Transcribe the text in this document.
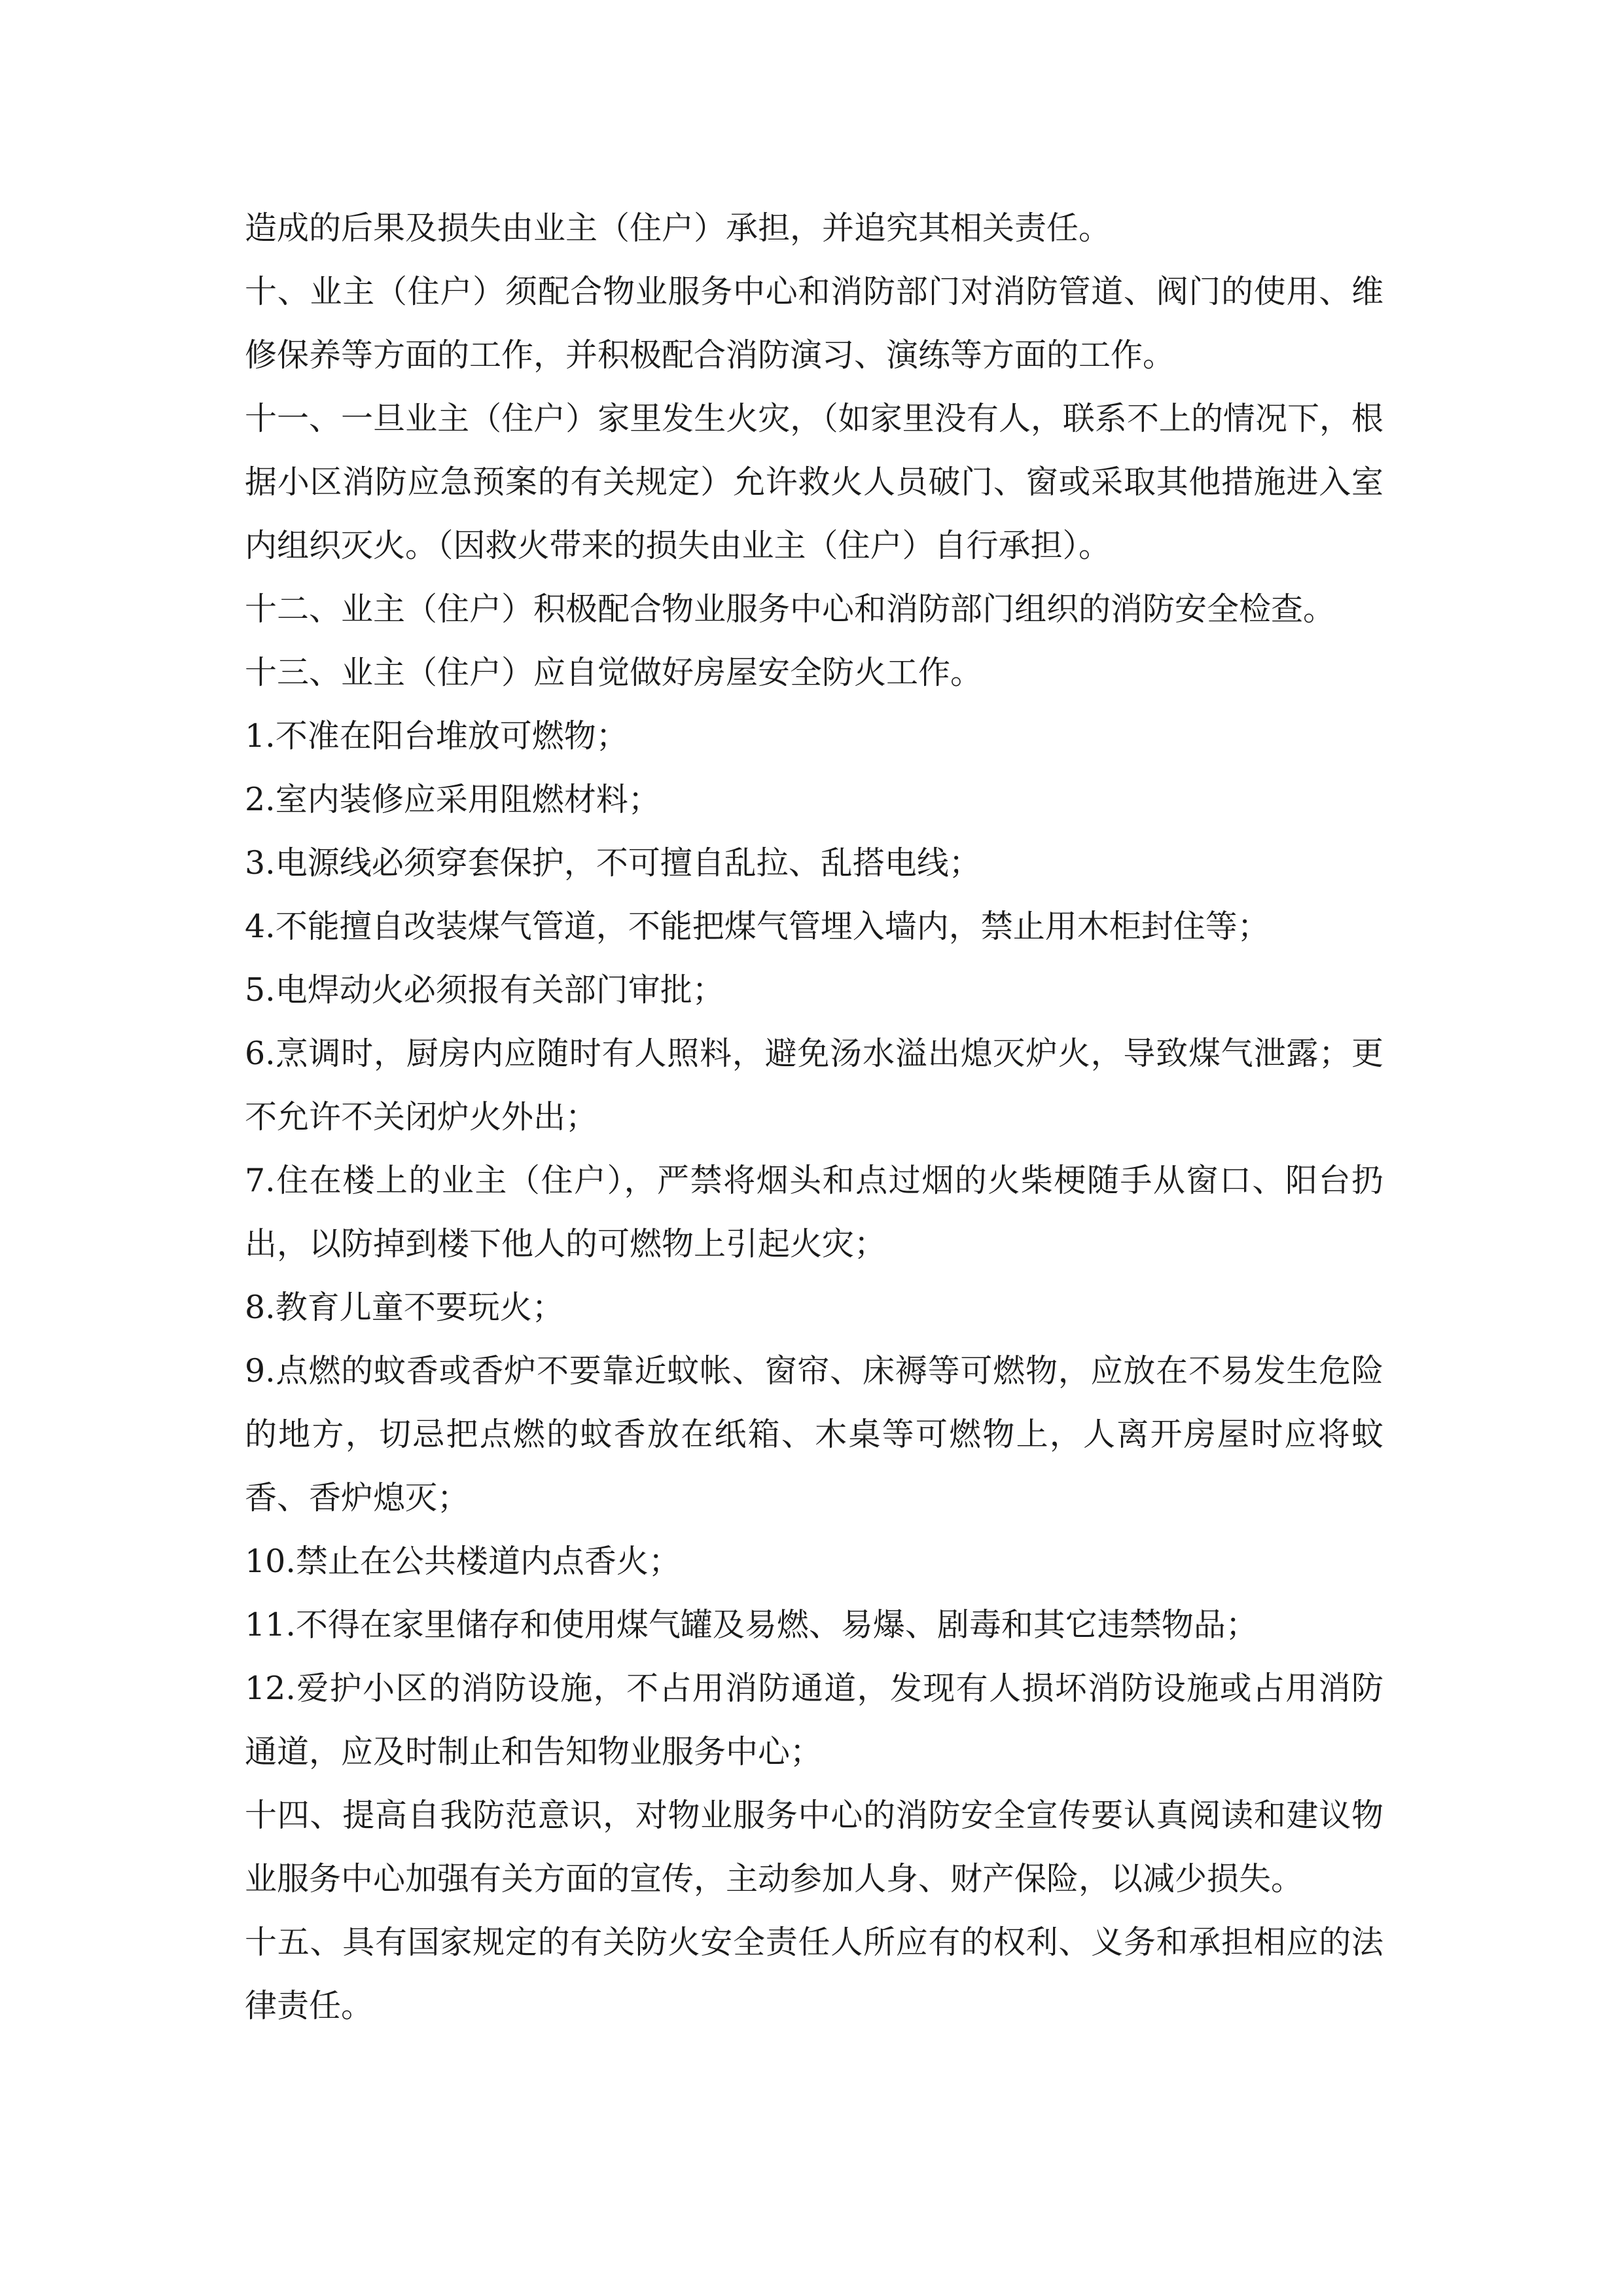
造成的后果及损失由业主（住户）承担，并追究其相关责任。

十、业主（住户）须配合物业服务中心和消防部门对消防管道、阀门的使用、维修保养等方面的工作，并积极配合消防演习、演练等方面的工作。

十一、一旦业主（住户）家里发生火灾，（如家里没有人，联系不上的情况下，根据小区消防应急预案的有关规定）允许救火人员破门、窗或采取其他措施进入室内组织灭火。（因救火带来的损失由业主（住户）自行承担）。

十二、业主（住户）积极配合物业服务中心和消防部门组织的消防安全检查。

十三、业主（住户）应自觉做好房屋安全防火工作。

1.不准在阳台堆放可燃物；

2.室内装修应采用阻燃材料；

3.电源线必须穿套保护，不可擅自乱拉、乱搭电线；

4.不能擅自改装煤气管道，不能把煤气管埋入墙内，禁止用木柜封住等；

5.电焊动火必须报有关部门审批；

6.烹调时，厨房内应随时有人照料，避免汤水溢出熄灭炉火，导致煤气泄露；更不允许不关闭炉火外出；

7.住在楼上的业主（住户），严禁将烟头和点过烟的火柴梗随手从窗口、阳台扔出，以防掉到楼下他人的可燃物上引起火灾；

8.教育儿童不要玩火；

9.点燃的蚊香或香炉不要靠近蚊帐、窗帘、床褥等可燃物，应放在不易发生危险的地方，切忌把点燃的蚊香放在纸箱、木桌等可燃物上，人离开房屋时应将蚊香、香炉熄灭；

10.禁止在公共楼道内点香火；

11.不得在家里储存和使用煤气罐及易燃、易爆、剧毒和其它违禁物品；

12.爱护小区的消防设施，不占用消防通道，发现有人损坏消防设施或占用消防通道，应及时制止和告知物业服务中心；

十四、提高自我防范意识，对物业服务中心的消防安全宣传要认真阅读和建议物业服务中心加强有关方面的宣传，主动参加人身、财产保险，以减少损失。

十五、具有国家规定的有关防火安全责任人所应有的权利、义务和承担相应的法律责任。
